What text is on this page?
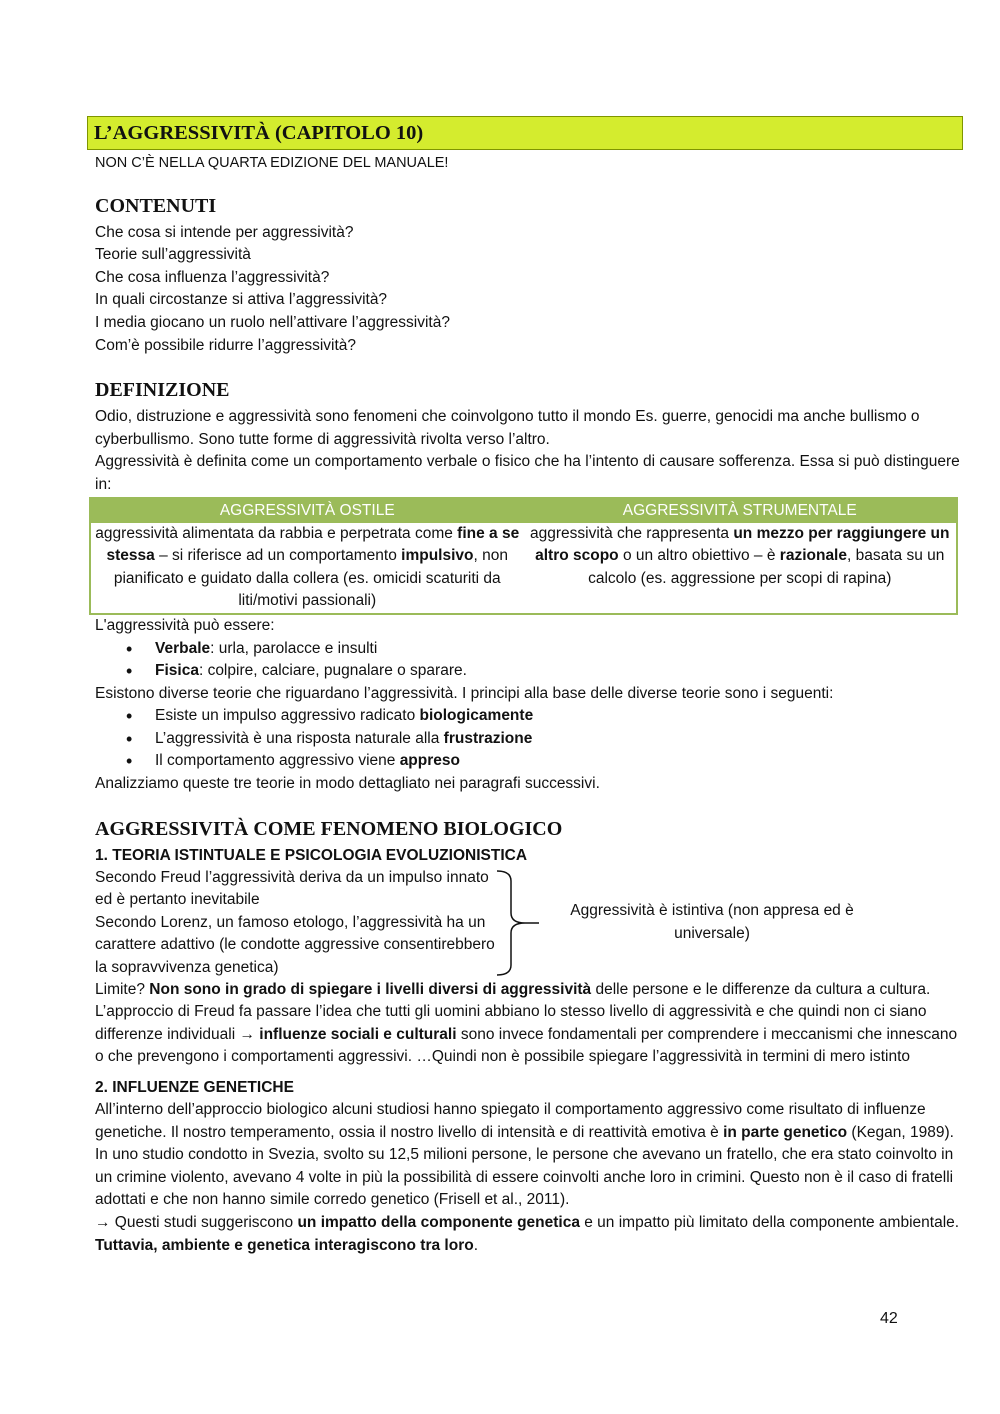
L’AGGRESSIVITÀ (CAPITOLO 10)

NON C’È NELLA QUARTA EDIZIONE DEL MANUALE!

CONTENUTI

Che cosa si intende per aggressività?

Teorie sull’aggressività

Che cosa influenza l’aggressività?

In quali circostanze si attiva l’aggressività?

I media giocano un ruolo nell’attivare l’aggressività?

Com’è possibile ridurre l’aggressività?

DEFINIZIONE

Odio, distruzione e aggressività sono fenomeni che coinvolgono tutto il mondo Es. guerre, genocidi ma anche bullismo o cyberbullismo. Sono tutte forme di aggressività rivolta verso l’altro.

Aggressività è definita come un comportamento verbale o fisico che ha l’intento di causare sofferenza. Essa si può distinguere in:

AGGRESSIVITÀ OSTILE	AGGRESSIVITÀ STRUMENTALE
aggressività alimentata da rabbia e perpetrata come fine a se stessa – si riferisce ad un comportamento impulsivo, non pianificato e guidato dalla collera (es. omicidi scaturiti da liti/motivi passionali)	aggressività che rappresenta un mezzo per raggiungere un altro scopo o un altro obiettivo – è razionale, basata su un calcolo (es. aggressione per scopi di rapina)

L'aggressività può essere:

• Verbale: urla, parolacce e insulti
• Fisica: colpire, calciare, pugnalare o sparare.

Esistono diverse teorie che riguardano l’aggressività. I principi alla base delle diverse teorie sono i seguenti:

• Esiste un impulso aggressivo radicato biologicamente
• L’aggressività è una risposta naturale alla frustrazione
• Il comportamento aggressivo viene appreso

Analizziamo queste tre teorie in modo dettagliato nei paragrafi successivi.

AGGRESSIVITÀ COME FENOMENO BIOLOGICO
1. TEORIA ISTINTUALE E PSICOLOGIA EVOLUZIONISTICA

Secondo Freud l’aggressività deriva da un impulso innato ed è pertanto inevitabile

Secondo Lorenz, un famoso etologo, l’aggressività ha un carattere adattivo (le condotte aggressive consentirebbero la sopravvivenza genetica)

Aggressività è istintiva (non appresa ed è universale)

Limite? Non sono in grado di spiegare i livelli diversi di aggressività delle persone e le differenze da cultura a cultura. L’approccio di Freud fa passare l’idea che tutti gli uomini abbiano lo stesso livello di aggressività e che quindi non ci siano differenze individuali → influenze sociali e culturali sono invece fondamentali per comprendere i meccanismi che innescano o che prevengono i comportamenti aggressivi. …Quindi non è possibile spiegare l’aggressività in termini di mero istinto

2. INFLUENZE GENETICHE

All’interno dell’approccio biologico alcuni studiosi hanno spiegato il comportamento aggressivo come risultato di influenze genetiche. Il nostro temperamento, ossia il nostro livello di intensità e di reattività emotiva è in parte genetico (Kegan, 1989).

In uno studio condotto in Svezia, svolto su 12,5 milioni persone, le persone che avevano un fratello, che era stato coinvolto in un crimine violento, avevano 4 volte in più la possibilità di essere coinvolti anche loro in crimini. Questo non è il caso di fratelli adottati e che non hanno simile corredo genetico (Frisell et al., 2011).

→ Questi studi suggeriscono un impatto della componente genetica e un impatto più limitato della componente ambientale. Tuttavia, ambiente e genetica interagiscono tra loro.

42
